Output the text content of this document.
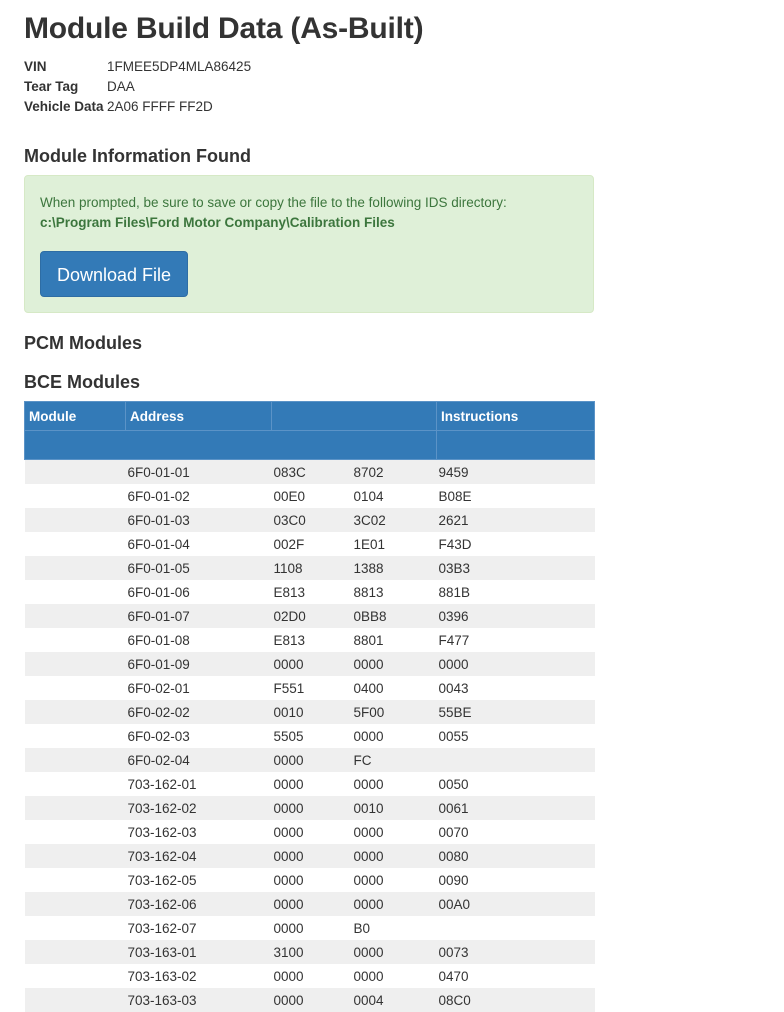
Module Build Data (As-Built)
VIN	1FMEE5DP4MLA86425
Tear Tag DAA
Vehicle Data 2A06 FFFF FF2D
Module Information Found
When prompted, be sure to save or copy the file to the following IDS directory:
c:\Program Files\Ford Motor Company\Calibration Files
Download File
PCM Modules
BCE Modules
Module	Address			Instructions

	6F0-01-01	083C	8702	9459
	6F0-01-02	00E0	0104	B08E
	6F0-01-03	03C0	3C02	2621
	6F0-01-04	002F	1E01	F43D
	6F0-01-05	1108	1388	03B3
	6F0-01-06	E813	8813	881B
	6F0-01-07	02D0	0BB8	0396
	6F0-01-08	E813	8801	F477
	6F0-01-09	0000	0000	0000
	6F0-02-01	F551	0400	0043
	6F0-02-02	0010	5F00	55BE
	6F0-02-03	5505	0000	0055
	6F0-02-04	0000	FC	
	703-162-01	0000	0000	0050
	703-162-02	0000	0010	0061
	703-162-03	0000	0000	0070
	703-162-04	0000	0000	0080
	703-162-05	0000	0000	0090
	703-162-06	0000	0000	00A0
	703-162-07	0000	B0	
	703-163-01	3100	0000	0073
	703-163-02	0000	0000	0470
	703-163-03	0000	0004	08C0
